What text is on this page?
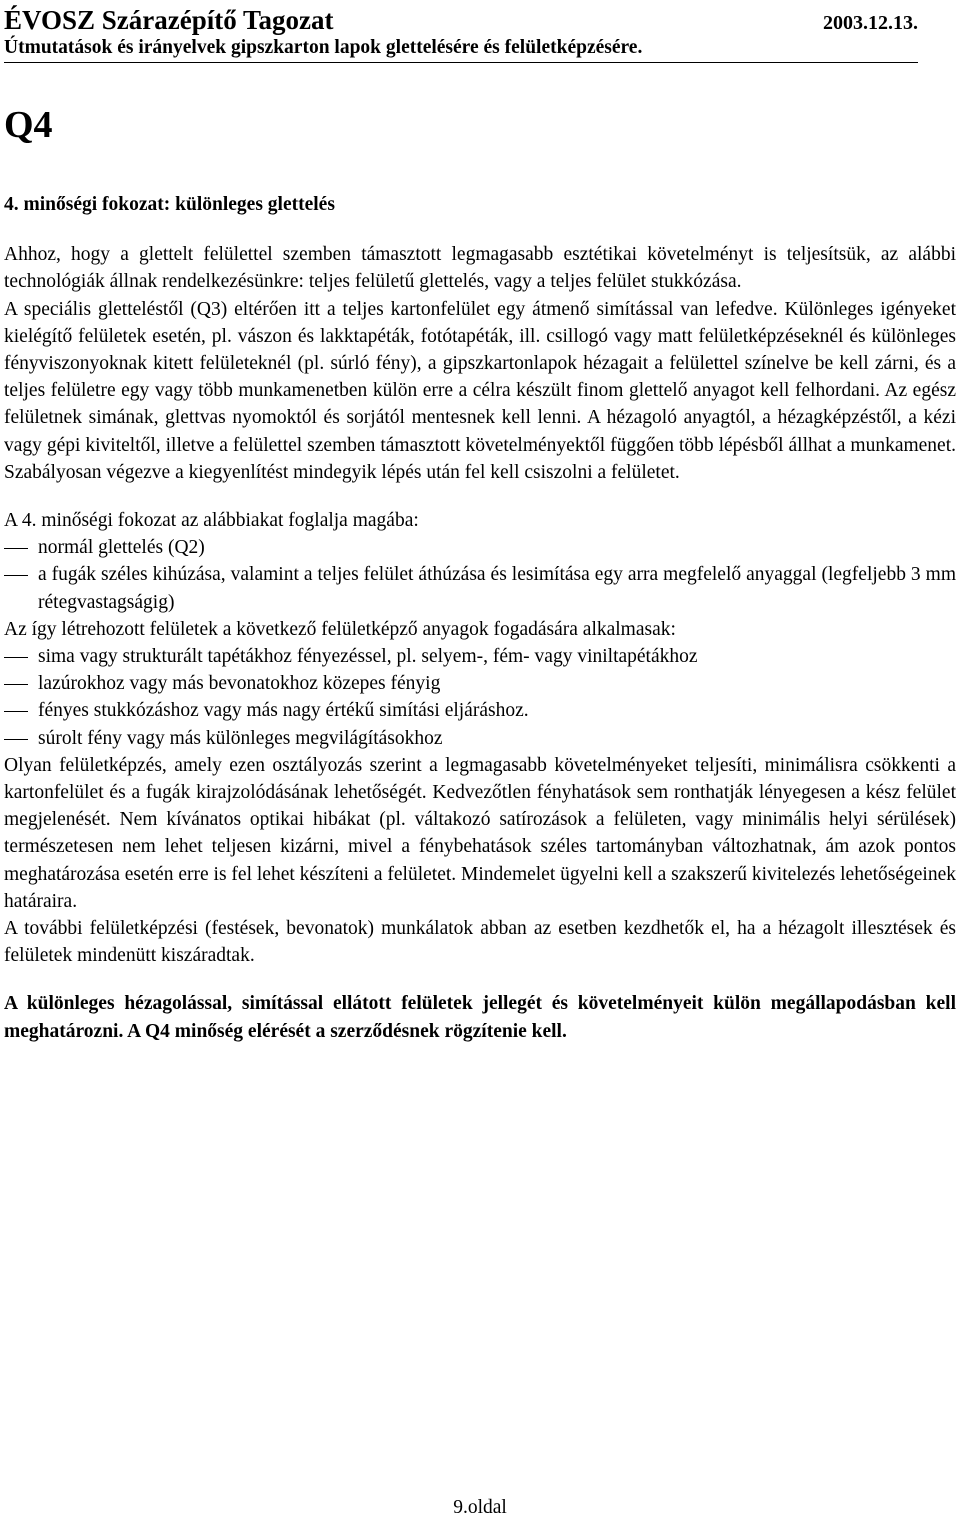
ÉVOSZ Szárazépítő Tagozat	2003.12.13.
Útmutatások és irányelvek gipszkarton lapok glettelésére és felületképzésére.
Q4
4. minőségi fokozat: különleges glettelés

Ahhoz, hogy a glettelt felülettel szemben támasztott legmagasabb esztétikai követelményt is teljesítsük, az alábbi technológiák állnak rendelkezésünkre: teljes felületű glettelés, vagy a teljes felület stukkózása.

A speciális gletteléstől (Q3) eltérően itt a teljes kartonfelület egy átmenő simítással van lefedve. Különleges igényeket kielégítő felületek esetén, pl. vászon és lakktapéták, fotótapéták, ill. csillogó vagy matt felületképzéseknél és különleges fényviszonyoknak kitett felületeknél (pl. súrló fény), a gipszkartonlapok hézagait a felülettel színelve be kell zárni, és a teljes felületre egy vagy több munkamenetben külön erre a célra készült finom glettelő anyagot kell felhordani. Az egész felületnek simának, glettvas nyomoktól és sorjától mentesnek kell lenni. A hézagoló anyagtól, a hézagképzéstől, a kézi vagy gépi kiviteltől, illetve a felülettel szemben támasztott követelményektől függően több lépésből állhat a munkamenet. Szabályosan végezve a kiegyenlítést mindegyik lépés után fel kell csiszolni a felületet.

A 4. minőségi fokozat az alábbiakat foglalja magába:

normál glettelés (Q2)
a fugák széles kihúzása, valamint a teljes felület áthúzása és lesimítása egy arra megfelelő anyaggal (legfeljebb 3 mm rétegvastagságig)

Az így létrehozott felületek a következő felületképző anyagok fogadására alkalmasak:

sima vagy strukturált tapétákhoz fényezéssel, pl. selyem-, fém- vagy viniltapétákhoz
lazúrokhoz vagy más bevonatokhoz közepes fényig
fényes stukkózáshoz vagy más nagy értékű simítási eljáráshoz.
súrolt fény vagy más különleges megvilágításokhoz

Olyan felületképzés, amely ezen osztályozás szerint a legmagasabb követelményeket teljesíti, minimálisra csökkenti a kartonfelület és a fugák kirajzolódásának lehetőségét. Kedvezőtlen fényhatások sem ronthatják lényegesen a kész felület megjelenését. Nem kívánatos optikai hibákat (pl. váltakozó satírozások a felületen, vagy minimális helyi sérülések) természetesen nem lehet teljesen kizárni, mivel a fénybehatások széles tartományban változhatnak, ám azok pontos meghatározása esetén erre is fel lehet készíteni a felületet. Mindemelet ügyelni kell a szakszerű kivitelezés lehetőségeinek határaira.

A további felületképzési (festések, bevonatok) munkálatok abban az esetben kezdhetők el, ha a hézagolt illesztések és felületek mindenütt kiszáradtak.

A különleges hézagolással, simítással ellátott felületek jellegét és követelményeit külön megállapodásban kell meghatározni. A Q4 minőség elérését a szerződésnek rögzítenie kell.

9.oldal
